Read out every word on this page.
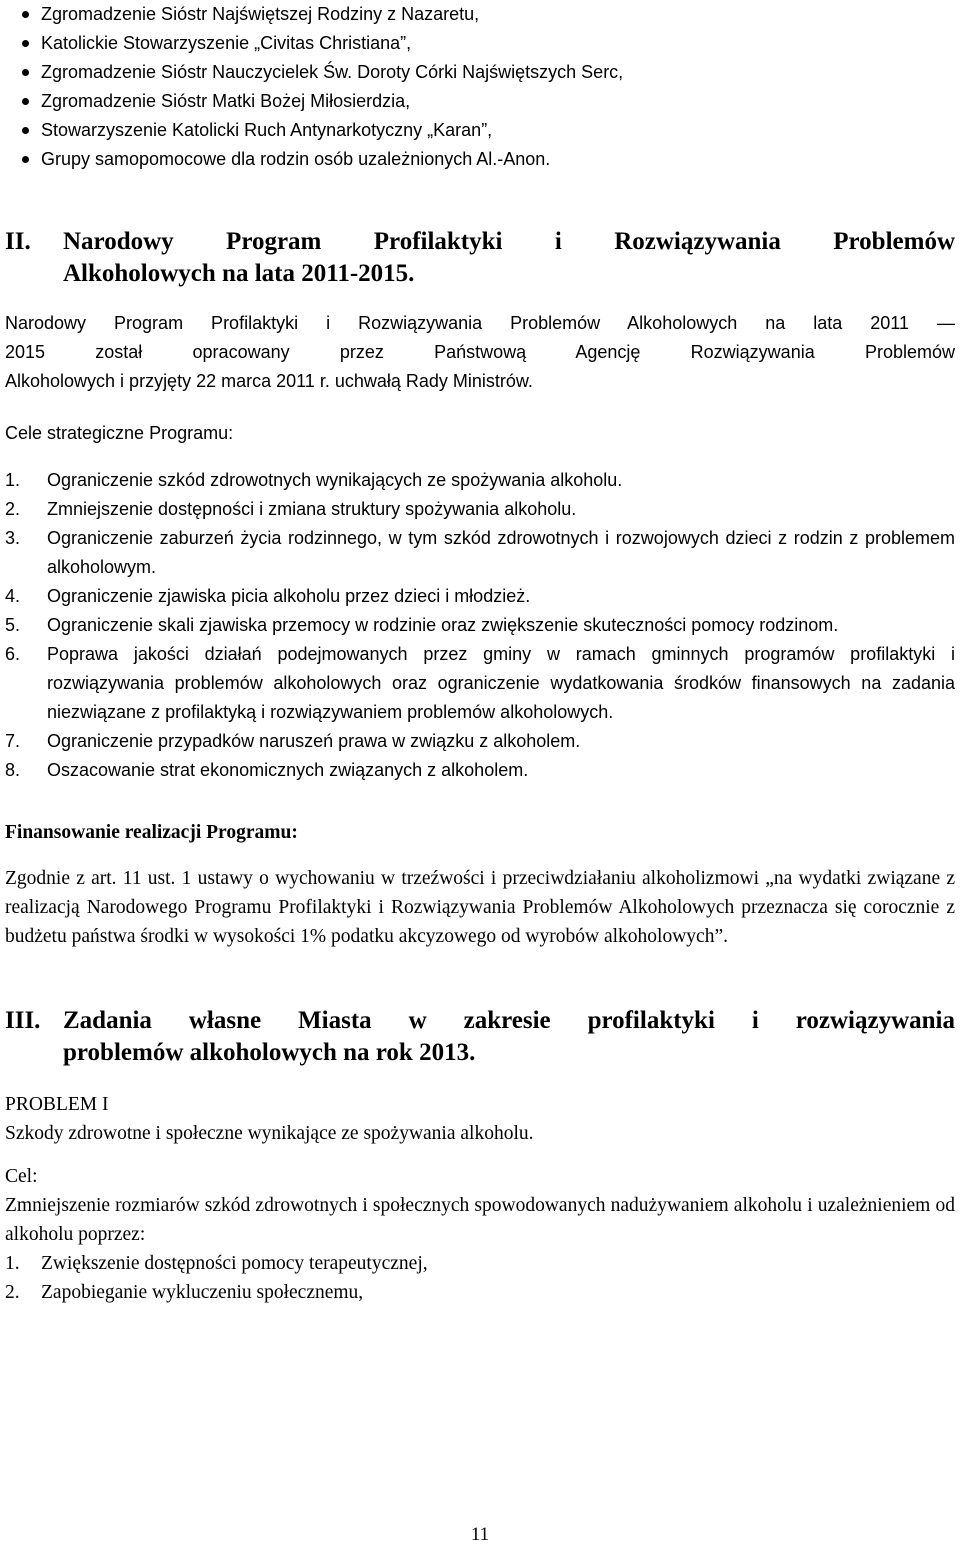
Zgromadzenie Sióstr Najświętszej Rodziny z Nazaretu,
Katolickie Stowarzyszenie „Civitas Christiana”,
Zgromadzenie Sióstr Nauczycielek Św. Doroty Córki Najświętszych Serc,
Zgromadzenie Sióstr Matki Bożej Miłosierdzia,
Stowarzyszenie Katolicki Ruch Antynarkotyczny „Karan”,
Grupy samopomocowe dla rodzin osób uzależnionych Al.-Anon.
II.	Narodowy Program Profilaktyki i Rozwiązywania Problemów
Alkoholowych na lata 2011-2015.
Narodowy Program Profilaktyki i Rozwiązywania Problemów Alkoholowych na lata 2011 ―
2015 został opracowany przez Państwową Agencję Rozwiązywania Problemów
Alkoholowych i przyjęty 22 marca 2011 r. uchwałą Rady Ministrów.
Cele strategiczne Programu:
1. Ograniczenie szkód zdrowotnych wynikających ze spożywania alkoholu.
2. Zmniejszenie dostępności i zmiana struktury spożywania alkoholu.
3. Ograniczenie zaburzeń życia rodzinnego, w tym szkód zdrowotnych i rozwojowych dzieci z rodzin z problemem alkoholowym.
4. Ograniczenie zjawiska picia alkoholu przez dzieci i młodzież.
5. Ograniczenie skali zjawiska przemocy w rodzinie oraz zwiększenie skuteczności pomocy rodzinom.
6. Poprawa jakości działań podejmowanych przez gminy w ramach gminnych programów profilaktyki i rozwiązywania problemów alkoholowych oraz ograniczenie wydatkowania środków finansowych na zadania niezwiązane z profilaktyką i rozwiązywaniem problemów alkoholowych.
7. Ograniczenie przypadków naruszeń prawa w związku z alkoholem.
8. Oszacowanie strat ekonomicznych związanych z alkoholem.
Finansowanie realizacji Programu:
Zgodnie z art. 11 ust. 1 ustawy o wychowaniu w trzeźwości i przeciwdziałaniu alkoholizmowi „na wydatki związane z realizacją Narodowego Programu Profilaktyki i Rozwiązywania Problemów Alkoholowych przeznacza się corocznie z budżetu państwa środki w wysokości 1% podatku akcyzowego od wyrobów alkoholowych”.
III. Zadania własne Miasta w zakresie profilaktyki i rozwiązywania
problemów alkoholowych na rok 2013.
PROBLEM I
Szkody zdrowotne i społeczne wynikające ze spożywania alkoholu.
Cel:
Zmniejszenie rozmiarów szkód zdrowotnych i społecznych spowodowanych nadużywaniem alkoholu i uzależnieniem od alkoholu poprzez:
1. Zwiększenie dostępności pomocy terapeutycznej,
2. Zapobieganie wykluczeniu społecznemu,
11
